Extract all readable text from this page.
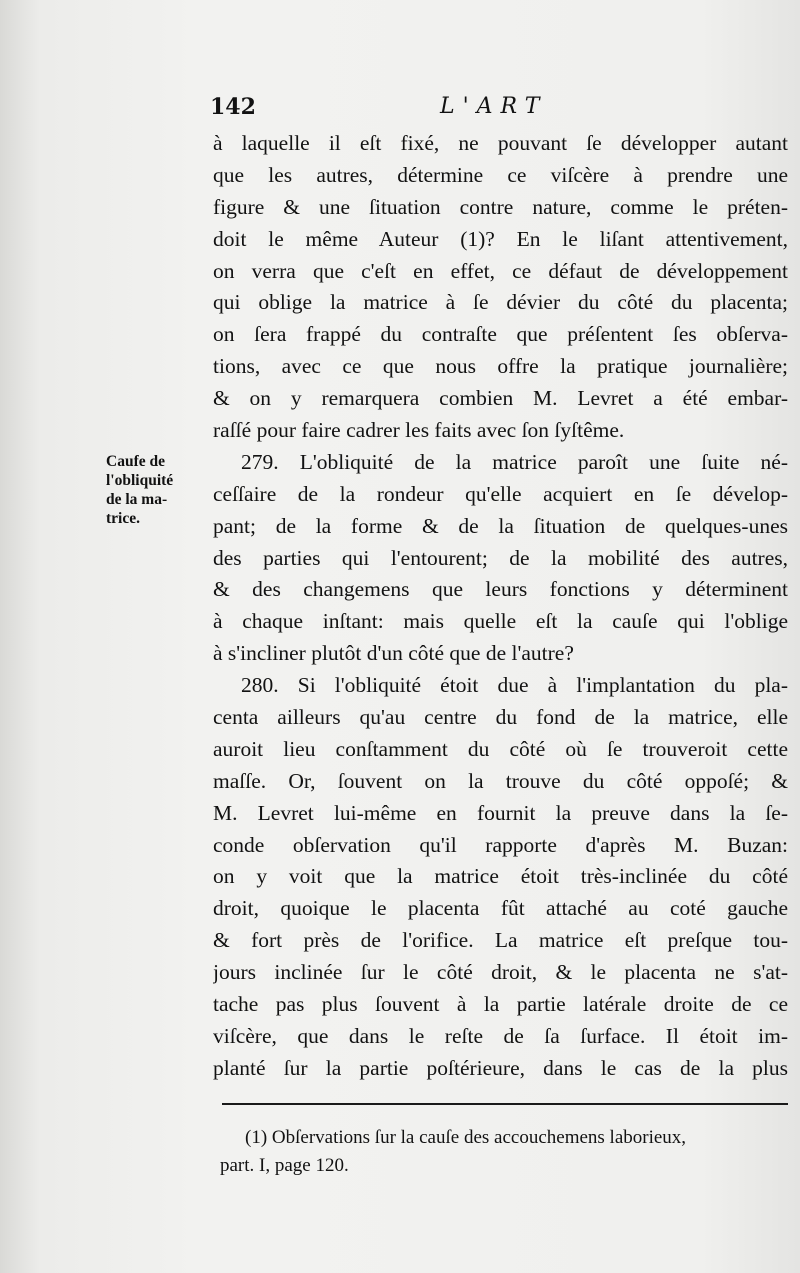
142	L'ART
Caufe de
l'obliquité
de la ma-
trice.
à laquelle il eſt fixé, ne pouvant ſe développer autant
que les autres, détermine ce viſcère à prendre une
figure & une ſituation contre nature, comme le préten-
doit le même Auteur (1)? En le liſant attentivement,
on verra que c'eſt en effet, ce défaut de développement
qui oblige la matrice à ſe dévier du côté du placenta;
on ſera frappé du contraſte que préſentent ſes obſerva-
tions, avec ce que nous offre la pratique journalière;
& on y remarquera combien M. Levret a été embar-
raſſé pour faire cadrer les faits avec ſon ſyſtême.
279. L'obliquité de la matrice paroît une ſuite né-
ceſſaire de la rondeur qu'elle acquiert en ſe dévelop-
pant; de la forme & de la ſituation de quelques-unes
des parties qui l'entourent; de la mobilité des autres,
& des changemens que leurs fonctions y déterminent
à chaque inſtant: mais quelle eſt la cauſe qui l'oblige
à s'incliner plutôt d'un côté que de l'autre?
280. Si l'obliquité étoit due à l'implantation du pla-
centa ailleurs qu'au centre du fond de la matrice, elle
auroit lieu conſtamment du côté où ſe trouveroit cette
maſſe. Or, ſouvent on la trouve du côté oppoſé; &
M. Levret lui-même en fournit la preuve dans la ſe-
conde obſervation qu'il rapporte d'après M. Buzan:
on y voit que la matrice étoit très-inclinée du côté
droit, quoique le placenta fût attaché au coté gauche
& fort près de l'orifice. La matrice eſt preſque tou-
jours inclinée ſur le côté droit, & le placenta ne s'at-
tache pas plus ſouvent à la partie latérale droite de ce
viſcère, que dans le reſte de ſa ſurface. Il étoit im-
planté ſur la partie poſtérieure, dans le cas de la plus
(1) Obſervations ſur la cauſe des accouchemens laborieux,
part. I, page 120.
